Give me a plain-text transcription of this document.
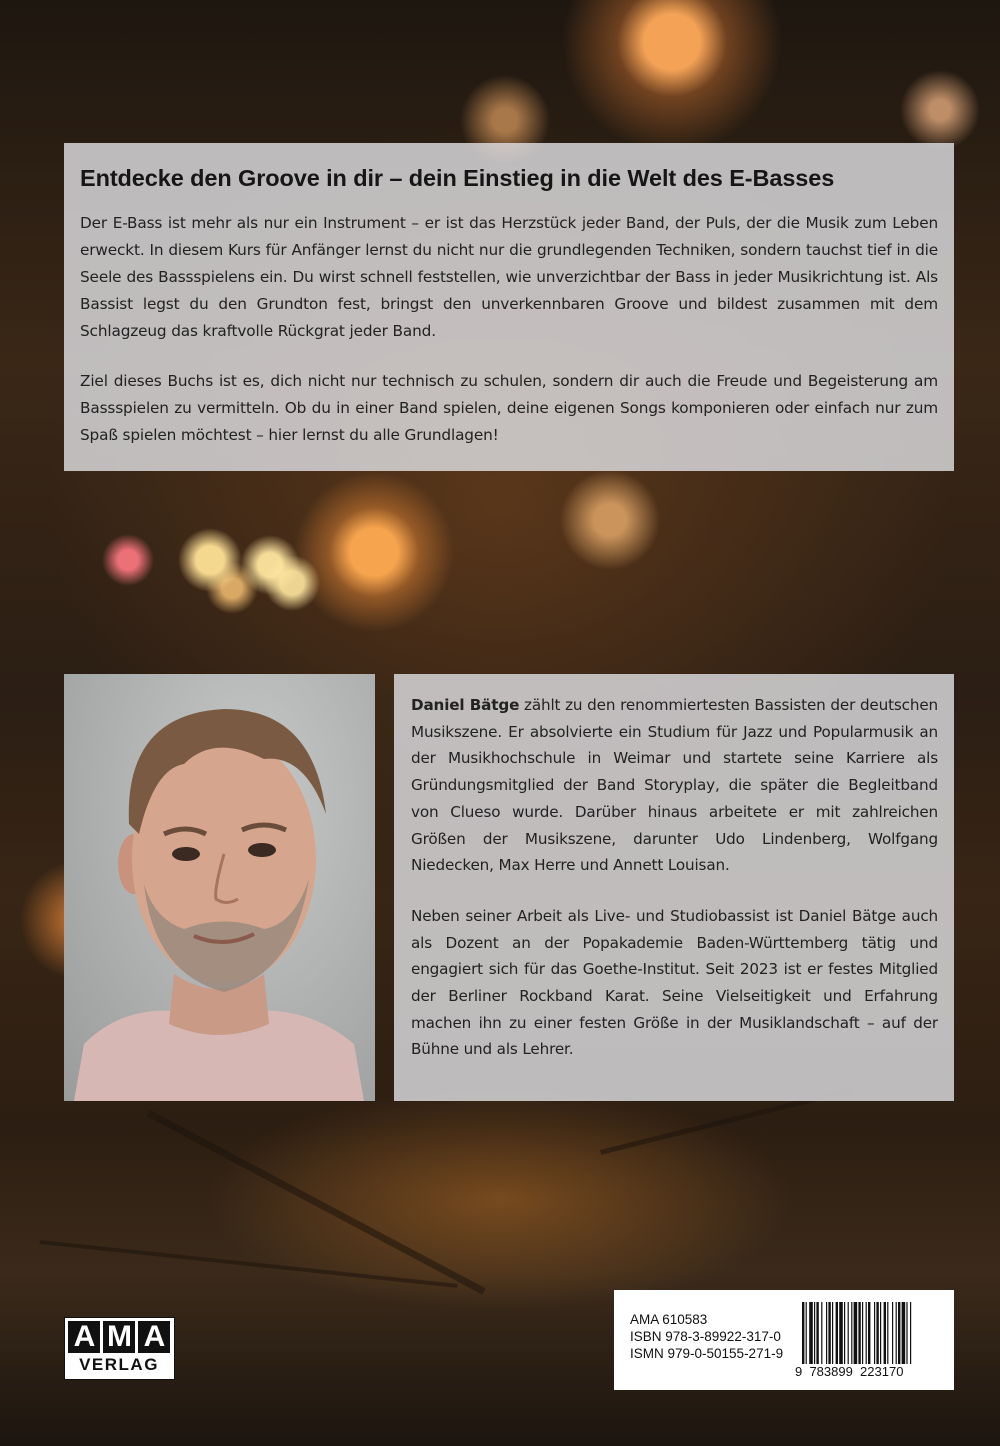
Entdecke den Groove in dir – dein Einstieg in die Welt des E-Basses

Der E-Bass ist mehr als nur ein Instrument – er ist das Herzstück jeder Band, der Puls, der die Musik zum Leben erweckt. In diesem Kurs für Anfänger lernst du nicht nur die grundlegenden Techniken, sondern tauchst tief in die Seele des Bassspielens ein. Du wirst schnell feststellen, wie unverzichtbar der Bass in jeder Musikrichtung ist. Als Bassist legst du den Grundton fest, bringst den unverkennbaren Groove und bildest zusammen mit dem Schlagzeug das kraftvolle Rückgrat jeder Band.

Ziel dieses Buchs ist es, dich nicht nur technisch zu schulen, sondern dir auch die Freude und Begeisterung am Bassspielen zu vermitteln. Ob du in einer Band spielen, deine eigenen Songs komponieren oder einfach nur zum Spaß spielen möchtest – hier lernst du alle Grundlagen!

Daniel Bätge zählt zu den renommiertesten Bassisten der deutschen Musikszene. Er absolvierte ein Studium für Jazz und Popularmusik an der Musikhochschule in Weimar und startete seine Karriere als Gründungsmitglied der Band Storyplay, die später die Begleitband von Clueso wurde. Darüber hinaus arbeitete er mit zahlreichen Größen der Musikszene, darunter Udo Lindenberg, Wolfgang Niedecken, Max Herre und Annett Louisan.

Neben seiner Arbeit als Live- und Studiobassist ist Daniel Bätge auch als Dozent an der Popakademie Baden-Württemberg tätig und engagiert sich für das Goethe-Institut. Seit 2023 ist er festes Mitglied der Berliner Rockband Karat. Seine Vielseitigkeit und Erfahrung machen ihn zu einer festen Größe in der Musiklandschaft – auf der Bühne und als Lehrer.

A M A
VERLAG
AMA 610583
ISBN 978-3-89922-317-0
ISMN 979-0-50155-271-9
9  783899  223170
